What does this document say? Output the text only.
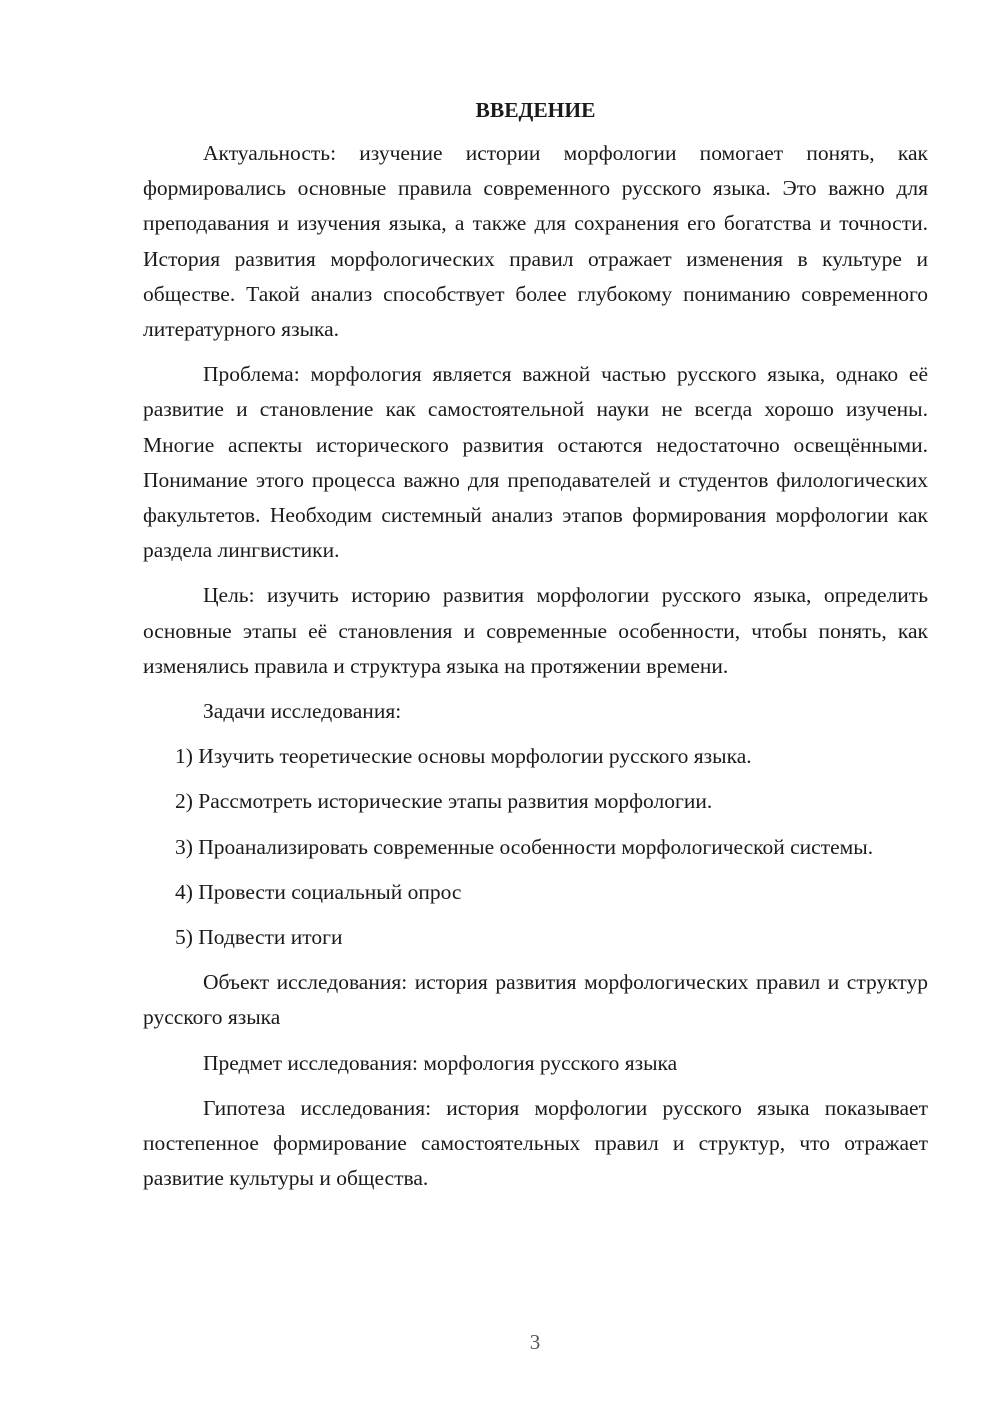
ВВЕДЕНИЕ

Актуальность: изучение истории морфологии помогает понять, как формировались основные правила современного русского языка. Это важно для преподавания и изучения языка, а также для сохранения его богатства и точности. История развития морфологических правил отражает изменения в культуре и обществе. Такой анализ способствует более глубокому пониманию современного литературного языка.

Проблема: морфология является важной частью русского языка, однако её развитие и становление как самостоятельной науки не всегда хорошо изучены. Многие аспекты исторического развития остаются недостаточно освещёнными. Понимание этого процесса важно для преподавателей и студентов филологических факультетов. Необходим системный анализ этапов формирования морфологии как раздела лингвистики.

Цель: изучить историю развития морфологии русского языка, определить основные этапы её становления и современные особенности, чтобы понять, как изменялись правила и структура языка на протяжении времени.

Задачи исследования:

1) Изучить теоретические основы морфологии русского языка.

2) Рассмотреть исторические этапы развития морфологии.

3) Проанализировать современные особенности морфологической системы.

4) Провести социальный опрос

5) Подвести итоги

Объект исследования: история развития морфологических правил и структур русского языка

Предмет исследования: морфология русского языка

Гипотеза исследования: история морфологии русского языка показывает постепенное формирование самостоятельных правил и структур, что отражает развитие культуры и общества.

3
